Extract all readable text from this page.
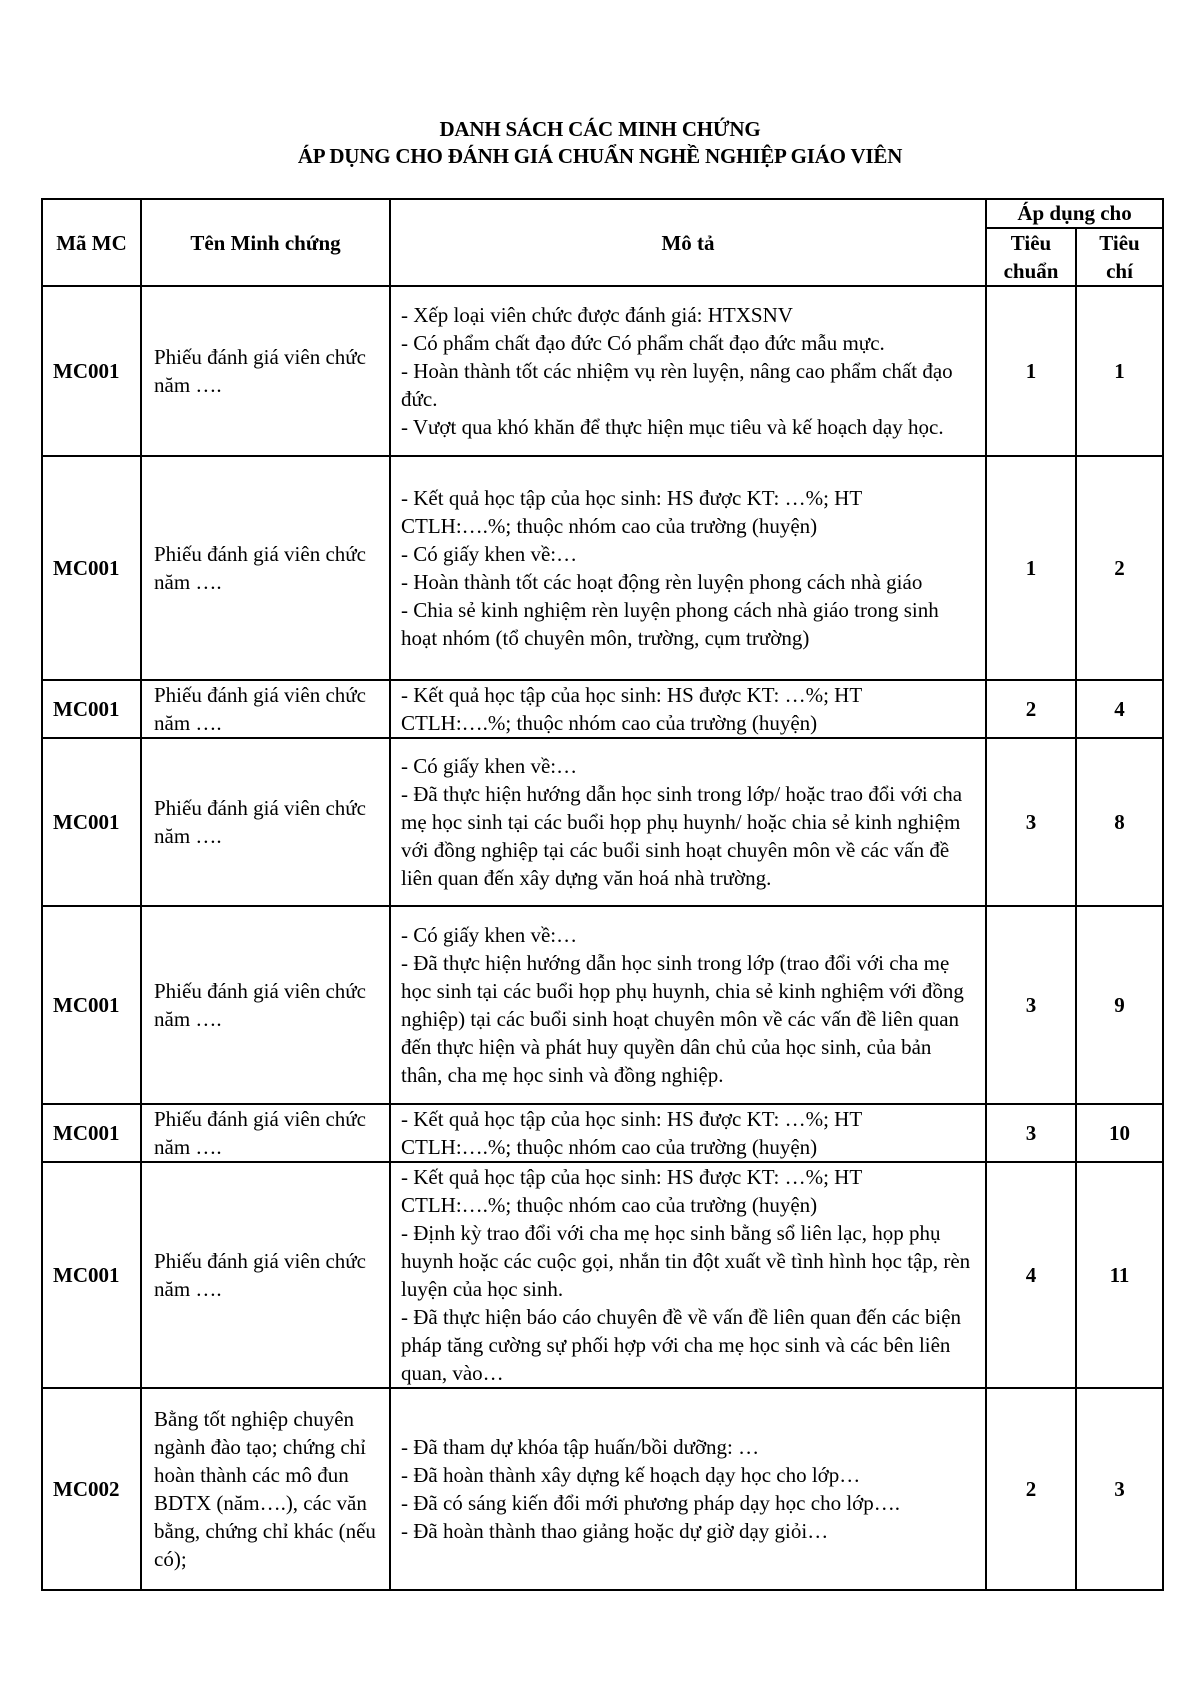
DANH SÁCH CÁC MINH CHỨNG
ÁP DỤNG CHO ĐÁNH GIÁ CHUẨN NGHỀ NGHIỆP GIÁO VIÊN
Mã MC	Tên Minh chứng	Mô tả	Áp dụng cho	
			Tiêu chuẩn	Tiêu chí
MC001	Phiếu đánh giá viên chức năm ….	- Xếp loại viên chức được đánh giá: HTXSNV
- Có phẩm chất đạo đức Có phẩm chất đạo đức mẫu mực.
- Hoàn thành tốt các nhiệm vụ rèn luyện, nâng cao phẩm chất đạo đức.
- Vượt qua khó khăn để thực hiện mục tiêu và kế hoạch dạy học.	1	1
MC001	Phiếu đánh giá viên chức năm ….	- Kết quả học tập của học sinh: HS được KT: …%; HT CTLH:….%; thuộc nhóm cao của trường (huyện)
- Có giấy khen về:…
- Hoàn thành tốt các hoạt động rèn luyện phong cách nhà giáo
- Chia sẻ kinh nghiệm rèn luyện phong cách nhà giáo trong sinh hoạt nhóm (tổ chuyên môn, trường, cụm trường)	1	2
MC001	Phiếu đánh giá viên chức năm ….	- Kết quả học tập của học sinh: HS được KT: …%; HT CTLH:….%; thuộc nhóm cao của trường (huyện)	2	4
MC001	Phiếu đánh giá viên chức năm ….	- Có giấy khen về:…
- Đã thực hiện hướng dẫn học sinh trong lớp/ hoặc trao đổi với cha mẹ học sinh tại các buổi họp phụ huynh/ hoặc chia sẻ kinh nghiệm với đồng nghiệp tại các buổi sinh hoạt chuyên môn về các vấn đề liên quan đến xây dựng văn hoá nhà trường.	3	8
MC001	Phiếu đánh giá viên chức năm ….	- Có giấy khen về:…
- Đã thực hiện hướng dẫn học sinh trong lớp (trao đổi với cha mẹ học sinh tại các buổi họp phụ huynh, chia sẻ kinh nghiệm với đồng nghiệp) tại các buổi sinh hoạt chuyên môn về các vấn đề liên quan đến thực hiện và phát huy quyền dân chủ của học sinh, của bản thân, cha mẹ học sinh và đồng nghiệp.	3	9
MC001	Phiếu đánh giá viên chức năm ….	- Kết quả học tập của học sinh: HS được KT: …%; HT CTLH:….%; thuộc nhóm cao của trường (huyện)	3	10
MC001	Phiếu đánh giá viên chức năm ….	- Kết quả học tập của học sinh: HS được KT: …%; HT CTLH:….%; thuộc nhóm cao của trường (huyện)
- Định kỳ trao đổi với cha mẹ học sinh bằng sổ liên lạc, họp phụ huynh hoặc các cuộc gọi, nhắn tin đột xuất về tình hình học tập, rèn luyện của học sinh.
- Đã thực hiện báo cáo chuyên đề về vấn đề liên quan đến các biện pháp tăng cường sự phối hợp với cha mẹ học sinh và các bên liên quan, vào…	4	11
MC002	Bằng tốt nghiệp chuyên ngành đào tạo; chứng chỉ hoàn thành các mô đun BDTX (năm….), các văn bằng, chứng chỉ khác (nếu có);	- Đã tham dự khóa tập huấn/bồi dưỡng: …
- Đã hoàn thành xây dựng kế hoạch dạy học cho lớp…
- Đã có sáng kiến đổi mới phương pháp dạy học cho lớp….
- Đã hoàn thành thao giảng hoặc dự giờ dạy giỏi…	2	3
